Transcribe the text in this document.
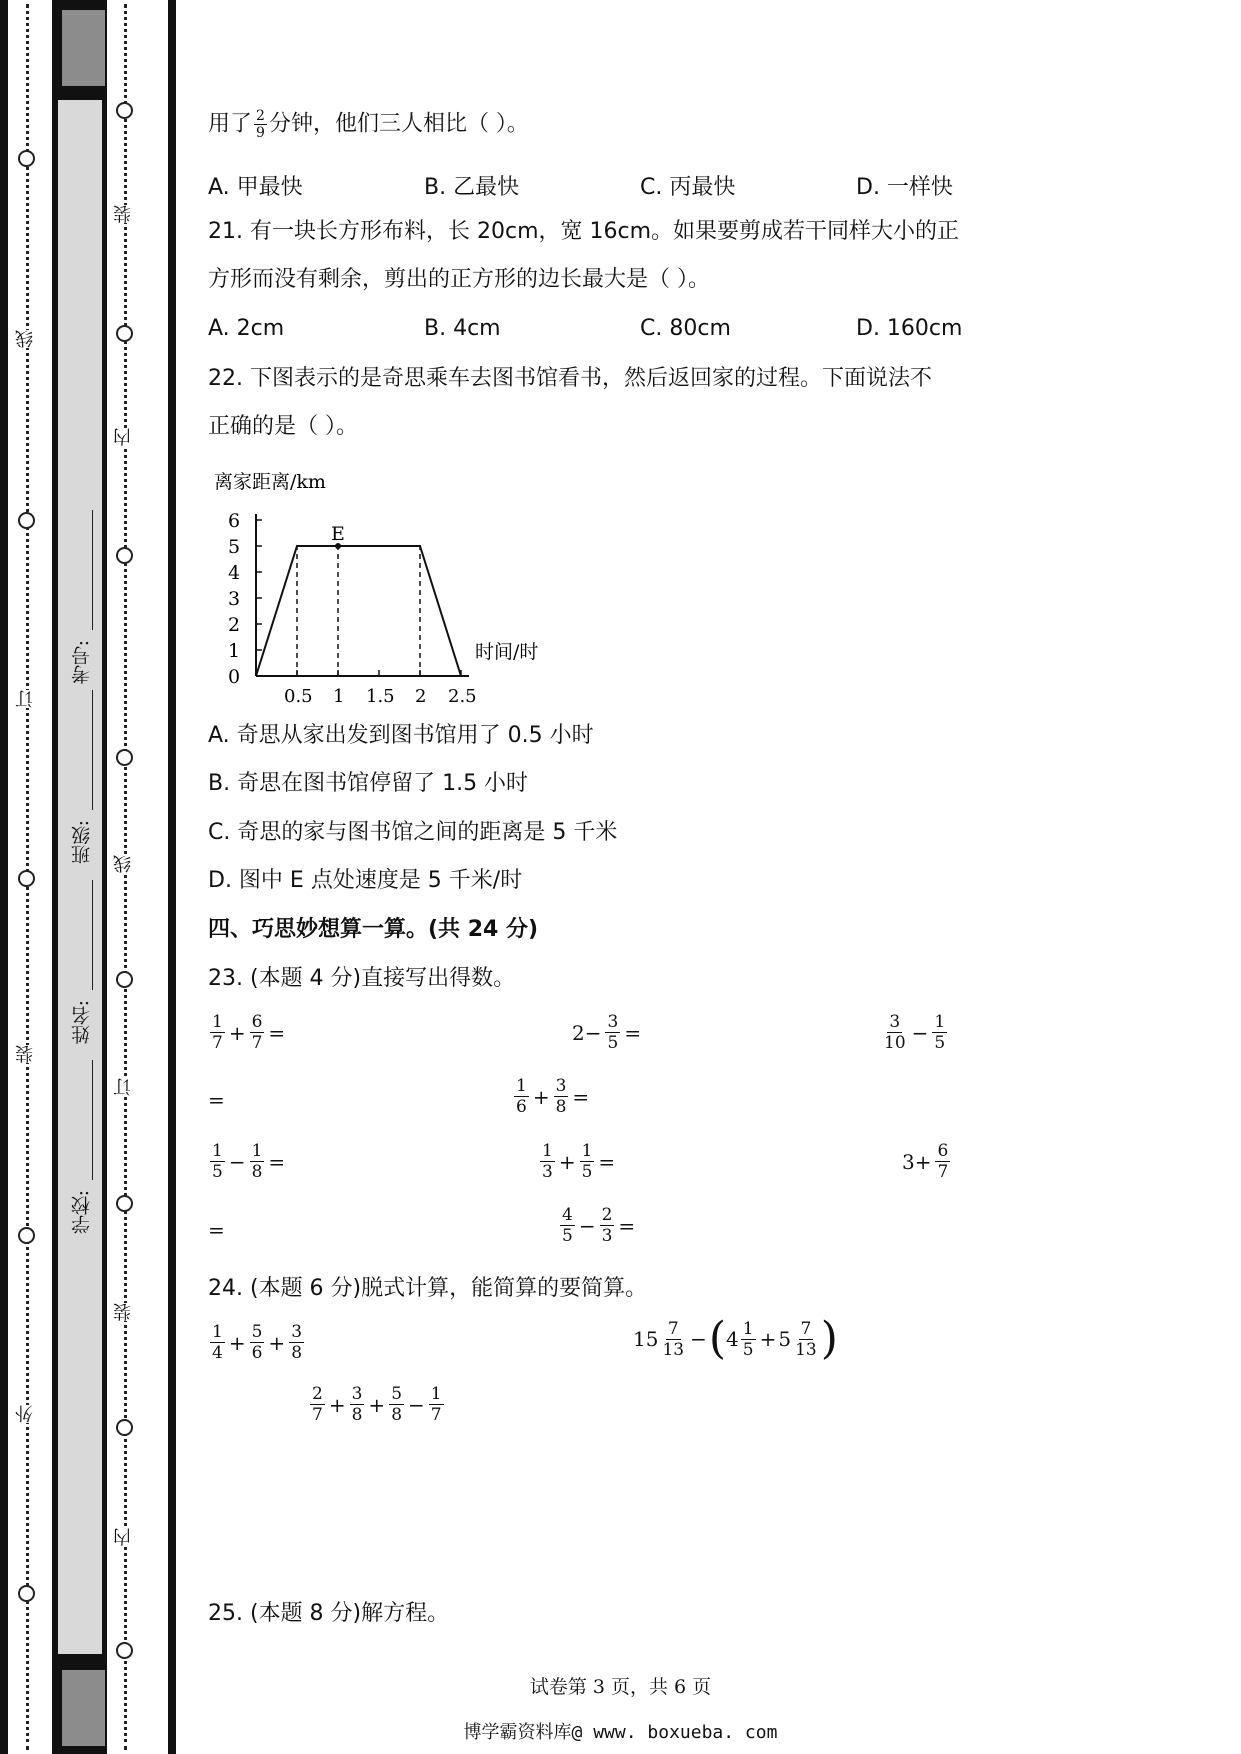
线
订
装
外
学校:
姓名:
班级:
考号:
装
内
线
订
装
内
用了 $\frac{2}{9}$ 分钟，他们三人相比（ ）。
A. 甲最快	B. 乙最快	C. 丙最快	D. 一样快
21. 有一块长方形布料，长 20cm，宽 16cm。如果要剪成若干同样大小的正
方形而没有剩余，剪出的正方形的边长最大是（ ）。
A. 2cm	B. 4cm	C. 80cm	D. 160cm
22. 下图表示的是奇思乘车去图书馆看书，然后返回家的过程。下面说法不
正确的是（ ）。
0
1
2
3
4
5
6
0.5 1 1.5 2 2.5
E
离家距离/km
时间/时
A. 奇思从家出发到图书馆用了 0.5 小时
B. 奇思在图书馆停留了 1.5 小时
C. 奇思的家与图书馆之间的距离是 5 千米
D. 图中 E 点处速度是 5 千米/时
四、巧思妙想算一算。(共 24 分)
23. (本题 4 分)直接写出得数。
$\frac{1}{7} + \frac{6}{7}$ =	$2- \frac{3}{5}$ =	$\frac{3}{10} - \frac{1}{5}$
=	$\frac{1}{6} + \frac{3}{8}$ =
$\frac{1}{5} - \frac{1}{8}$ =	$\frac{1}{3} + \frac{1}{5}$ =	$3+ \frac{6}{7}$
=	$\frac{4}{5} - \frac{2}{3}$ =
24. (本题 6 分)脱式计算，能简算的要简算。
$\frac{1}{4} + \frac{5}{6} + \frac{3}{8}$	$15 \frac{7}{13}$ − ( $4 \frac{1}{5} + 5 \frac{7}{13}$ )
$\frac{2}{7} + \frac{3}{8} + \frac{5}{8} - \frac{1}{7}$
25. (本题 8 分)解方程。
试卷第 3 页，共 6 页
博学霸资料库@ www. boxueba. com
